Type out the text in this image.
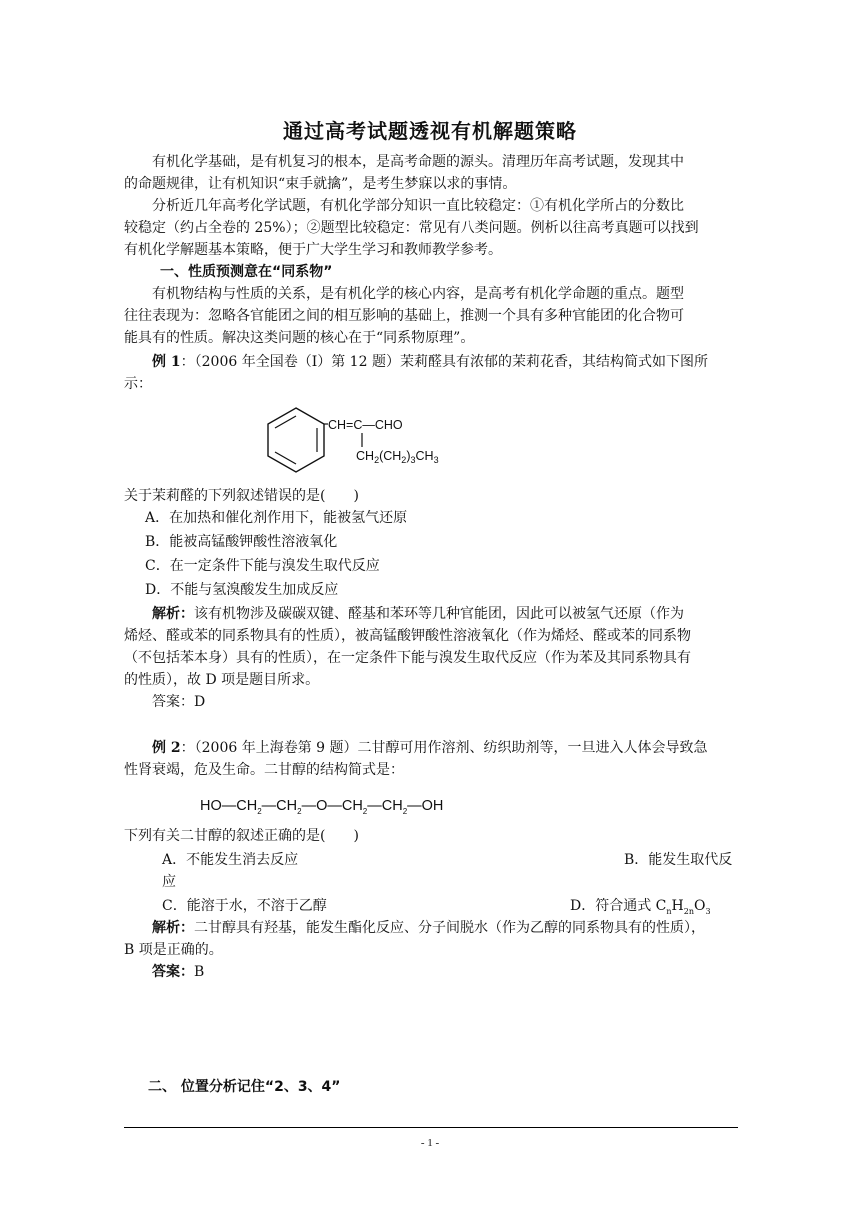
通过高考试题透视有机解题策略
有机化学基础，是有机复习的根本，是高考命题的源头。清理历年高考试题，发现其中
的命题规律，让有机知识“束手就擒”，是考生梦寐以求的事情。
分析近几年高考化学试题，有机化学部分知识一直比较稳定：①有机化学所占的分数比
较稳定（约占全卷的 25%）；②题型比较稳定：常见有八类问题。例析以往高考真题可以找到
有机化学解题基本策略，便于广大学生学习和教师教学参考。
一、性质预测意在“同系物”
有机物结构与性质的关系，是有机化学的核心内容，是高考有机化学命题的重点。题型
往往表现为：忽略各官能团之间的相互影响的基础上，推测一个具有多种官能团的化合物可
能具有的性质。解决这类问题的核心在于“同系物原理”。
例 1：（2006 年全国卷（I）第 12 题）茉莉醛具有浓郁的茉莉花香，其结构简式如下图所
示：
CH=C—CHO
$CH_2(CH_2)_3CH_3$
关于茉莉醛的下列叙述错误的是(　　)
A．在加热和催化剂作用下，能被氢气还原
B．能被高锰酸钾酸性溶液氧化
C．在一定条件下能与溴发生取代反应
D．不能与氢溴酸发生加成反应
解析：该有机物涉及碳碳双键、醛基和苯环等几种官能团，因此可以被氢气还原（作为
烯烃、醛或苯的同系物具有的性质），被高锰酸钾酸性溶液氧化（作为烯烃、醛或苯的同系物
（不包括苯本身）具有的性质），在一定条件下能与溴发生取代反应（作为苯及其同系物具有
的性质），故 D 项是题目所求。
答案：D
例 2：（2006 年上海卷第 9 题）二甘醇可用作溶剂、纺织助剂等，一旦进入人体会导致急
性肾衰竭，危及生命。二甘醇的结构简式是：
$HO—CH_2—CH_2—O—CH_2—CH_2—OH$
下列有关二甘醇的叙述正确的是(　　)
A．不能发生消去反应	B．能发生取代反
应
C．能溶于水，不溶于乙醇	D．符合通式 $C_nH_{2n}O_3$
解析：二甘醇具有羟基，能发生酯化反应、分子间脱水（作为乙醇的同系物具有的性质），
B 项是正确的。
答案：B
二、 位置分析记住“2、3、4”
- 1 -
